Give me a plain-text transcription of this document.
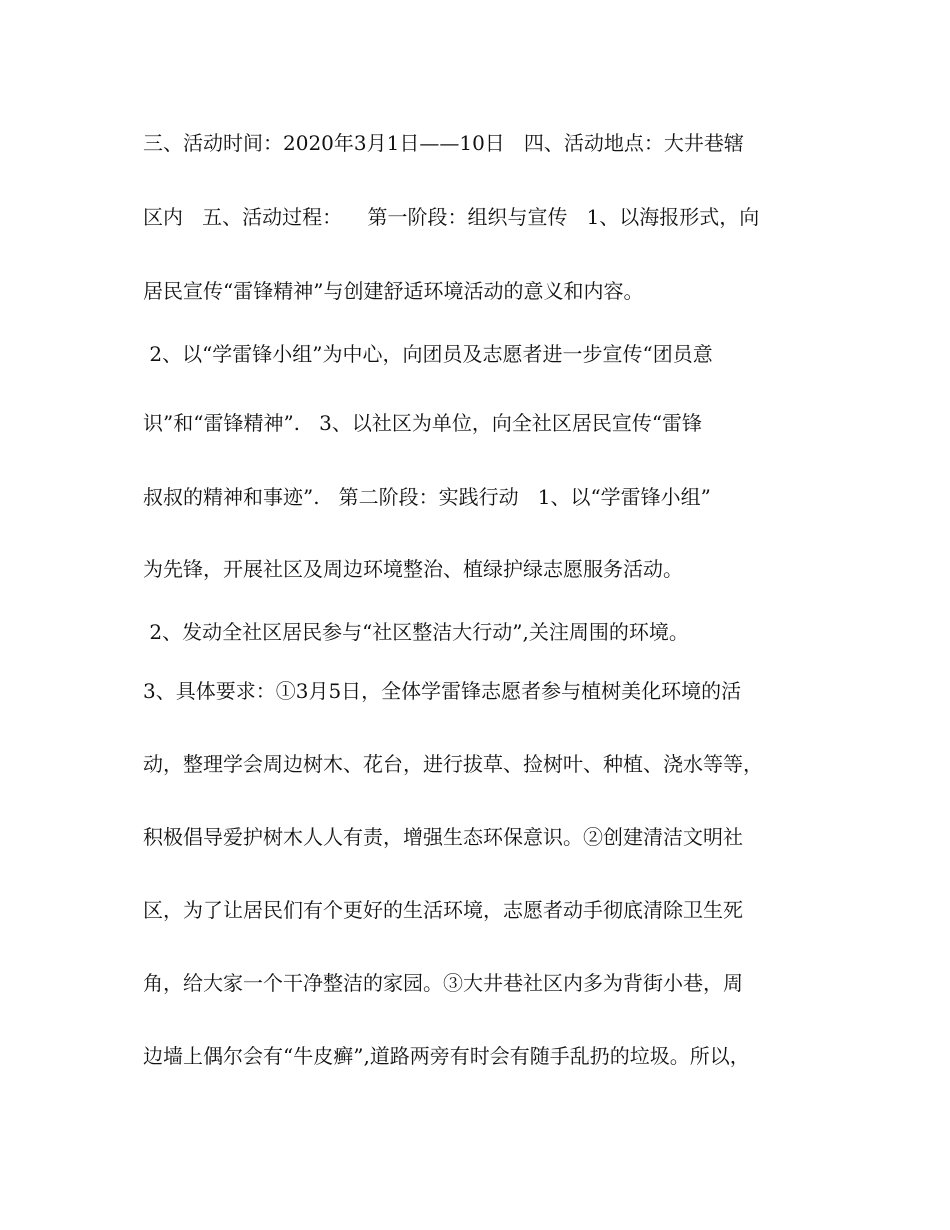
三、活动时间：2020年3月1日——10日   四、活动地点：大井巷辖
区内   五、活动过程：    第一阶段：组织与宣传   1、以海报形式，向
居民宣传“雷锋精神”与创建舒适环境活动的意义和内容。
2、以“学雷锋小组”为中心，向团员及志愿者进一步宣传“团员意
识”和“雷锋精神”.   3、以社区为单位，向全社区居民宣传“雷锋
叔叔的精神和事迹”.   第二阶段：实践行动   1、以“学雷锋小组”
为先锋，开展社区及周边环境整治、植绿护绿志愿服务活动。
2、发动全社区居民参与“社区整洁大行动”,关注周围的环境。
3、具体要求：①3月5日，全体学雷锋志愿者参与植树美化环境的活
动，整理学会周边树木、花台，进行拔草、捡树叶、种植、浇水等等，
积极倡导爱护树木人人有责，增强生态环保意识。②创建清洁文明社
区，为了让居民们有个更好的生活环境，志愿者动手彻底清除卫生死
角，给大家一个干净整洁的家园。③大井巷社区内多为背街小巷，周
边墙上偶尔会有“牛皮癣”,道路两旁有时会有随手乱扔的垃圾。所以，
